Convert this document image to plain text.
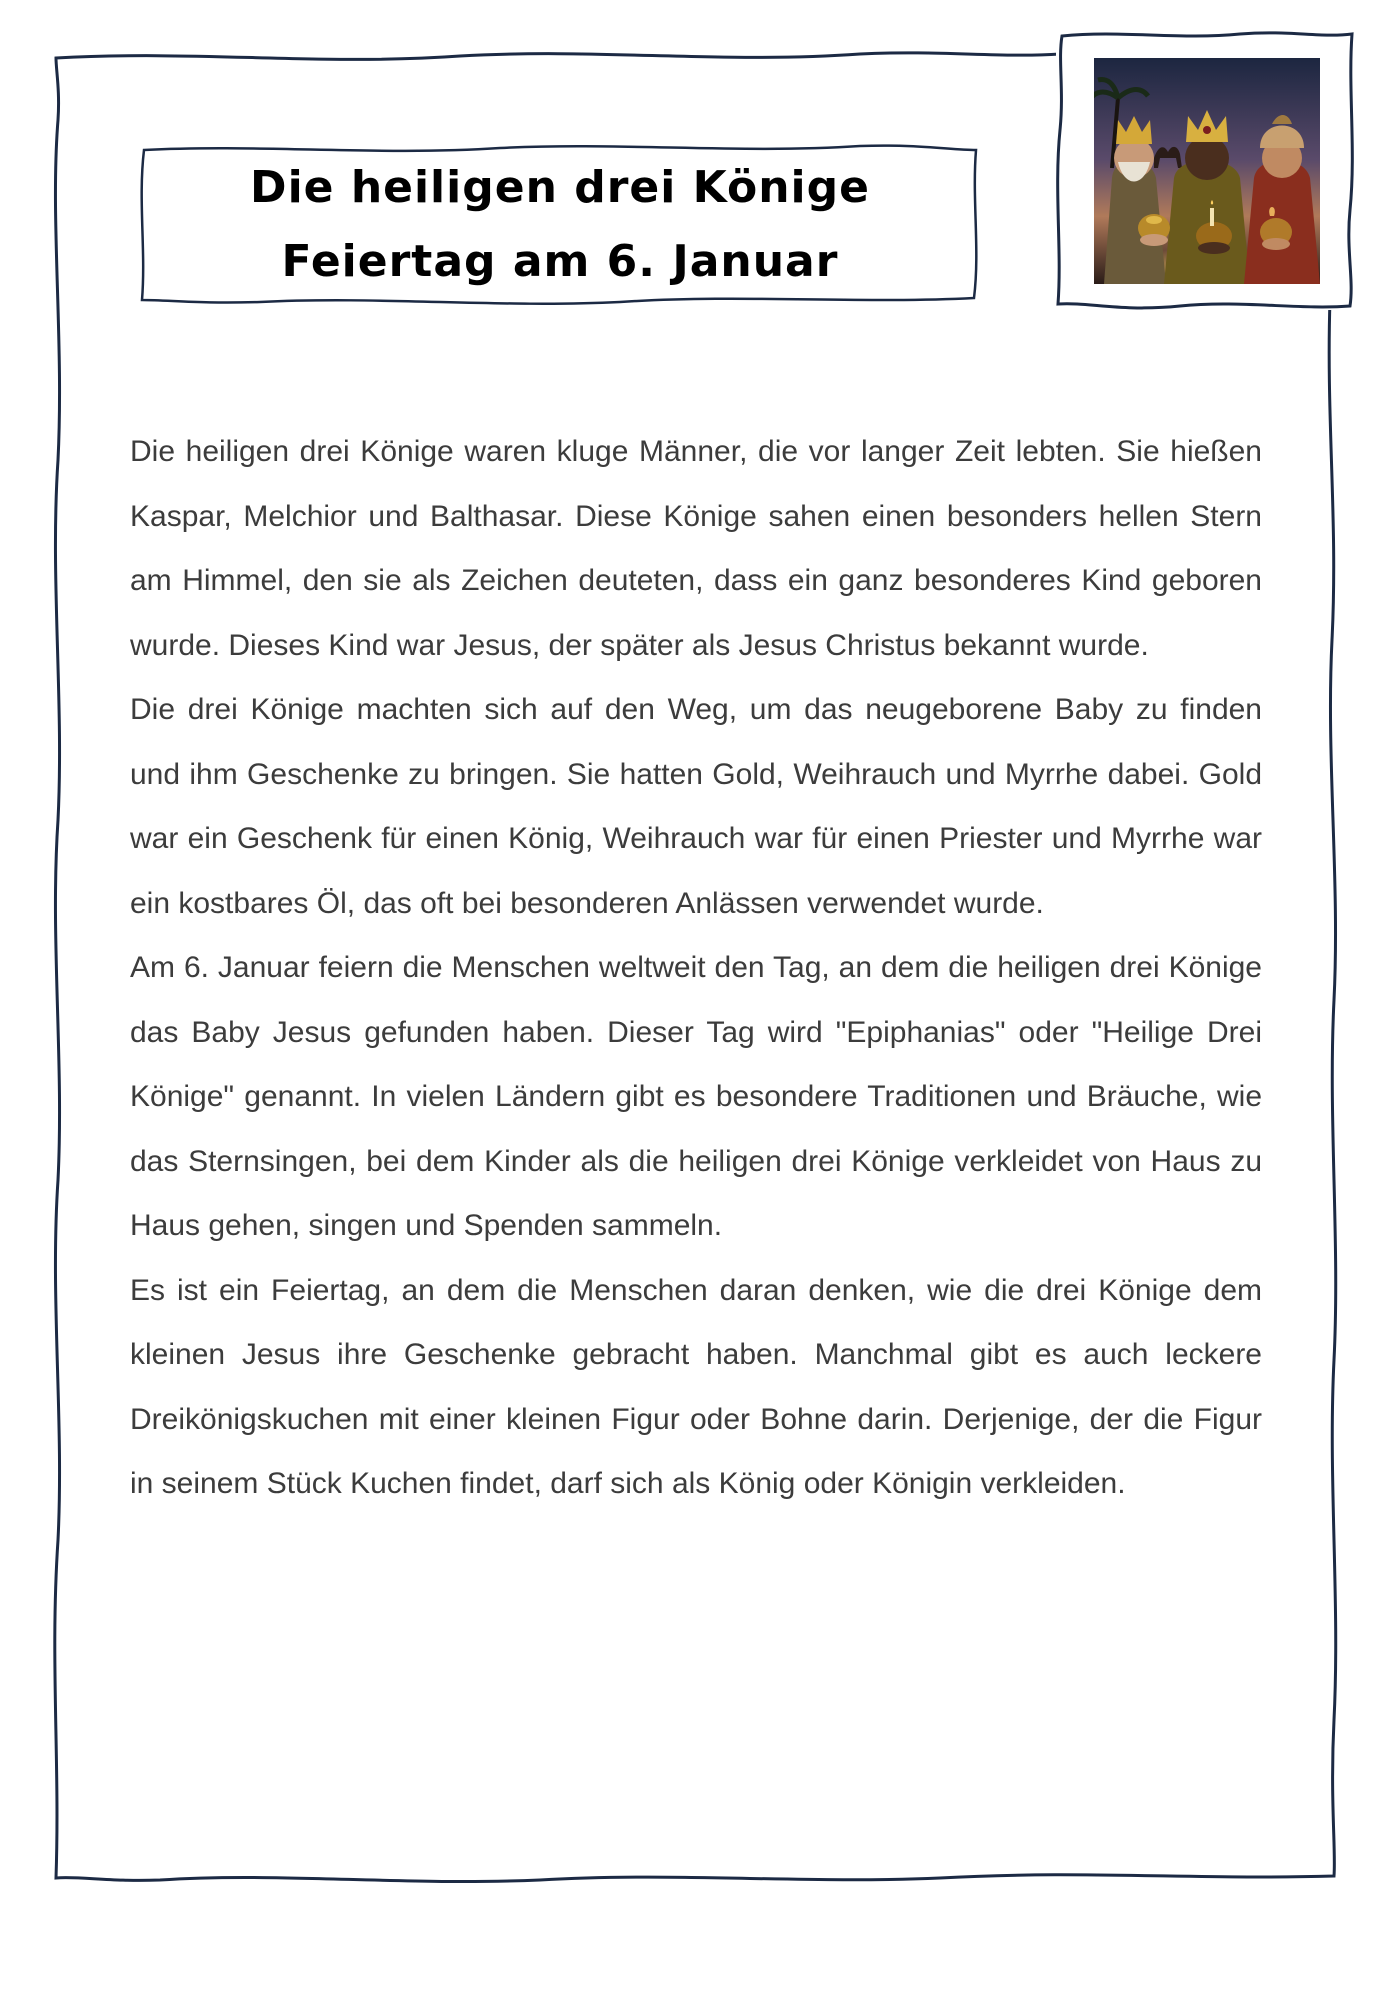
Die heiligen drei Könige
Feiertag am 6. Januar

Die heiligen drei Könige waren kluge Männer, die vor langer Zeit lebten. Sie hießen Kaspar, Melchior und Balthasar. Diese Könige sahen einen besonders hellen Stern am Himmel, den sie als Zeichen deuteten, dass ein ganz besonderes Kind geboren wurde. Dieses Kind war Jesus, der später als Jesus Christus bekannt wurde.

Die drei Könige machten sich auf den Weg, um das neugeborene Baby zu finden und ihm Geschenke zu bringen. Sie hatten Gold, Weihrauch und Myrrhe dabei. Gold war ein Geschenk für einen König, Weihrauch war für einen Priester und Myrrhe war ein kostbares Öl, das oft bei besonderen Anlässen verwendet wurde.

Am 6. Januar feiern die Menschen weltweit den Tag, an dem die heiligen drei Könige das Baby Jesus gefunden haben. Dieser Tag wird "Epiphanias" oder "Heilige Drei Könige" genannt. In vielen Ländern gibt es besondere Traditionen und Bräuche, wie das Sternsingen, bei dem Kinder als die heiligen drei Könige verkleidet von Haus zu Haus gehen, singen und Spenden sammeln.

Es ist ein Feiertag, an dem die Menschen daran denken, wie die drei Könige dem kleinen Jesus ihre Geschenke gebracht haben. Manchmal gibt es auch leckere Dreikönigskuchen mit einer kleinen Figur oder Bohne darin. Derjenige, der die Figur in seinem Stück Kuchen findet, darf sich als König oder Königin verkleiden.
